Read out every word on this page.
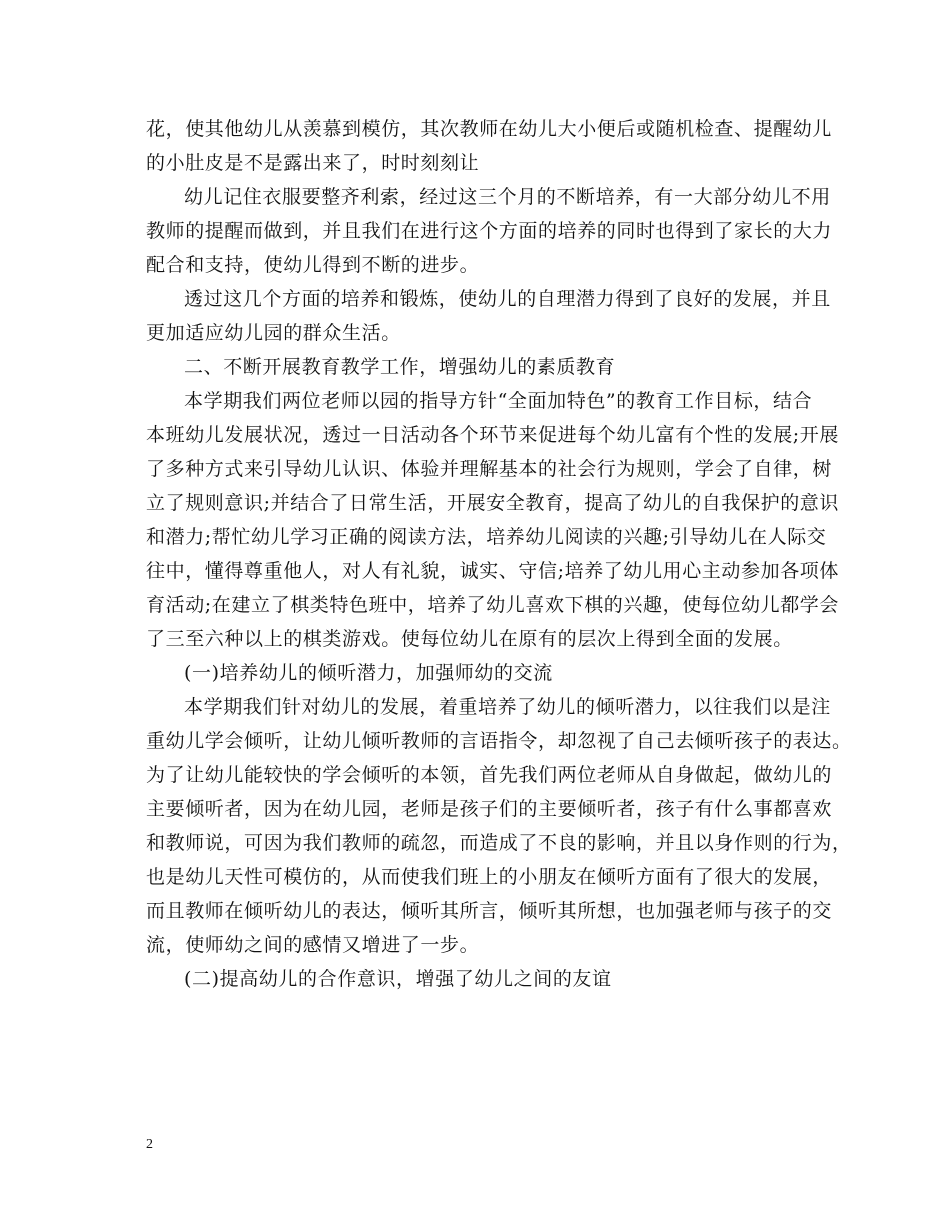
花，使其他幼儿从羡慕到模仿，其次教师在幼儿大小便后或随机检查、提醒幼儿
的小肚皮是不是露出来了，时时刻刻让
幼儿记住衣服要整齐利索，经过这三个月的不断培养，有一大部分幼儿不用
教师的提醒而做到，并且我们在进行这个方面的培养的同时也得到了家长的大力
配合和支持，使幼儿得到不断的进步。
透过这几个方面的培养和锻炼，使幼儿的自理潜力得到了良好的发展，并且
更加适应幼儿园的群众生活。
二、不断开展教育教学工作，增强幼儿的素质教育
本学期我们两位老师以园的指导方针“全面加特色”的教育工作目标，结合
本班幼儿发展状况，透过一日活动各个环节来促进每个幼儿富有个性的发展;开展
了多种方式来引导幼儿认识、体验并理解基本的社会行为规则，学会了自律，树
立了规则意识;并结合了日常生活，开展安全教育，提高了幼儿的自我保护的意识
和潜力;帮忙幼儿学习正确的阅读方法，培养幼儿阅读的兴趣;引导幼儿在人际交
往中，懂得尊重他人，对人有礼貌，诚实、守信;培养了幼儿用心主动参加各项体
育活动;在建立了棋类特色班中，培养了幼儿喜欢下棋的兴趣，使每位幼儿都学会
了三至六种以上的棋类游戏。使每位幼儿在原有的层次上得到全面的发展。
(一)培养幼儿的倾听潜力，加强师幼的交流
本学期我们针对幼儿的发展，着重培养了幼儿的倾听潜力，以往我们以是注
重幼儿学会倾听，让幼儿倾听教师的言语指令，却忽视了自己去倾听孩子的表达。
为了让幼儿能较快的学会倾听的本领，首先我们两位老师从自身做起，做幼儿的
主要倾听者，因为在幼儿园，老师是孩子们的主要倾听者，孩子有什么事都喜欢
和教师说，可因为我们教师的疏忽，而造成了不良的影响，并且以身作则的行为，
也是幼儿天性可模仿的，从而使我们班上的小朋友在倾听方面有了很大的发展，
而且教师在倾听幼儿的表达，倾听其所言，倾听其所想，也加强老师与孩子的交
流，使师幼之间的感情又增进了一步。
(二)提高幼儿的合作意识，增强了幼儿之间的友谊
2
